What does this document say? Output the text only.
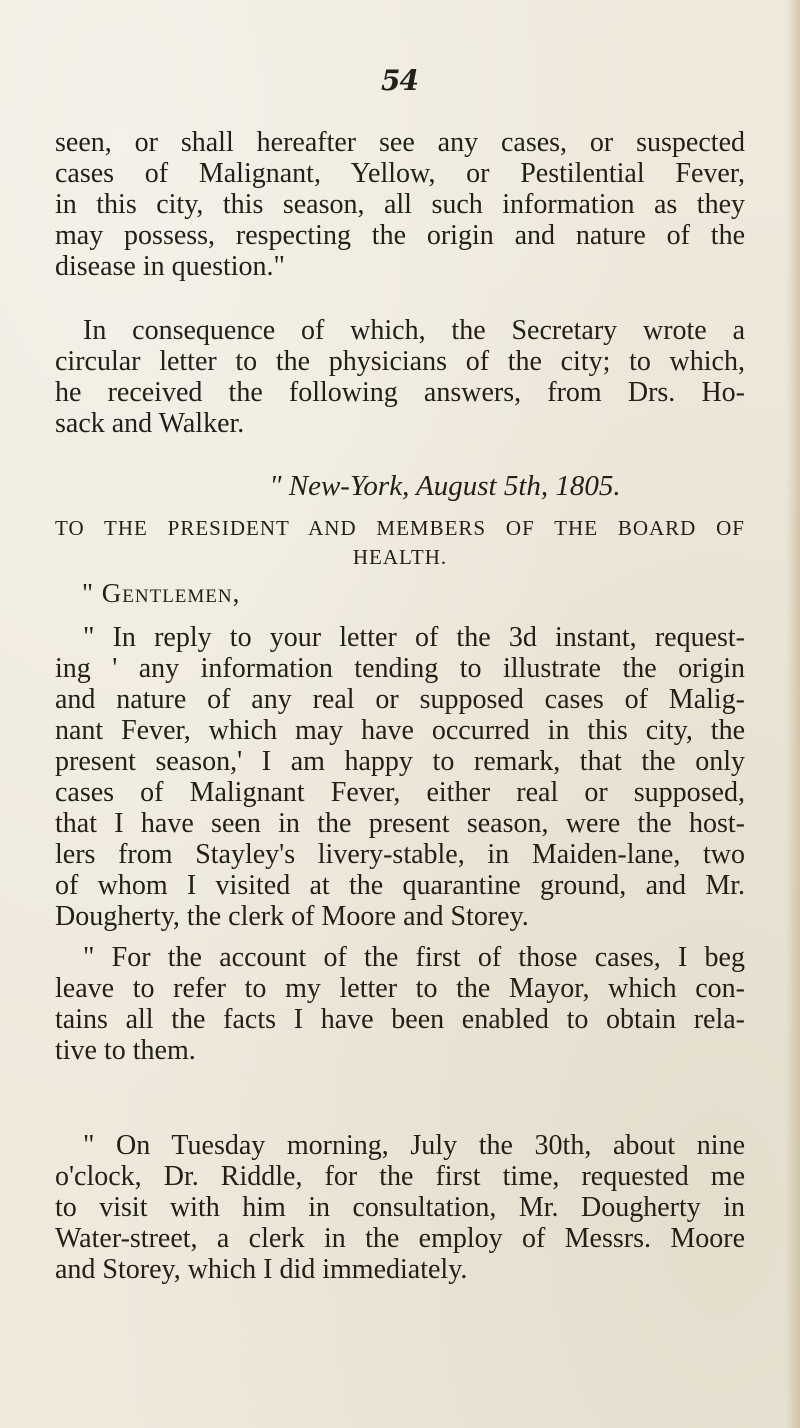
54

seen, or shall hereafter see any cases, or suspected
cases of Malignant, Yellow, or Pestilential Fever,
in this city, this season, all such information as they
may possess, respecting the origin and nature of the
disease in question."
In consequence of which, the Secretary wrote a
circular letter to the physicians of the city; to which,
he received the following answers, from Drs. Ho-
sack and Walker.

" New-York, August 5th, 1805.

TO THE PRESIDENT AND MEMBERS OF THE BOARD OF
HEALTH.

" Gentlemen,

" In reply to your letter of the 3d instant, request-
ing ' any information tending to illustrate the origin
and nature of any real or supposed cases of Malig-
nant Fever, which may have occurred in this city, the
present season,' I am happy to remark, that the only
cases of Malignant Fever, either real or supposed,
that I have seen in the present season, were the host-
lers from Stayley's livery-stable, in Maiden-lane, two
of whom I visited at the quarantine ground, and Mr.
Dougherty, the clerk of Moore and Storey.
" For the account of the first of those cases, I beg
leave to refer to my letter to the Mayor, which con-
tains all the facts I have been enabled to obtain rela-
tive to them.
" On Tuesday morning, July the 30th, about nine
o'clock, Dr. Riddle, for the first time, requested me
to visit with him in consultation, Mr. Dougherty in
Water-street, a clerk in the employ of Messrs. Moore
and Storey, which I did immediately.
